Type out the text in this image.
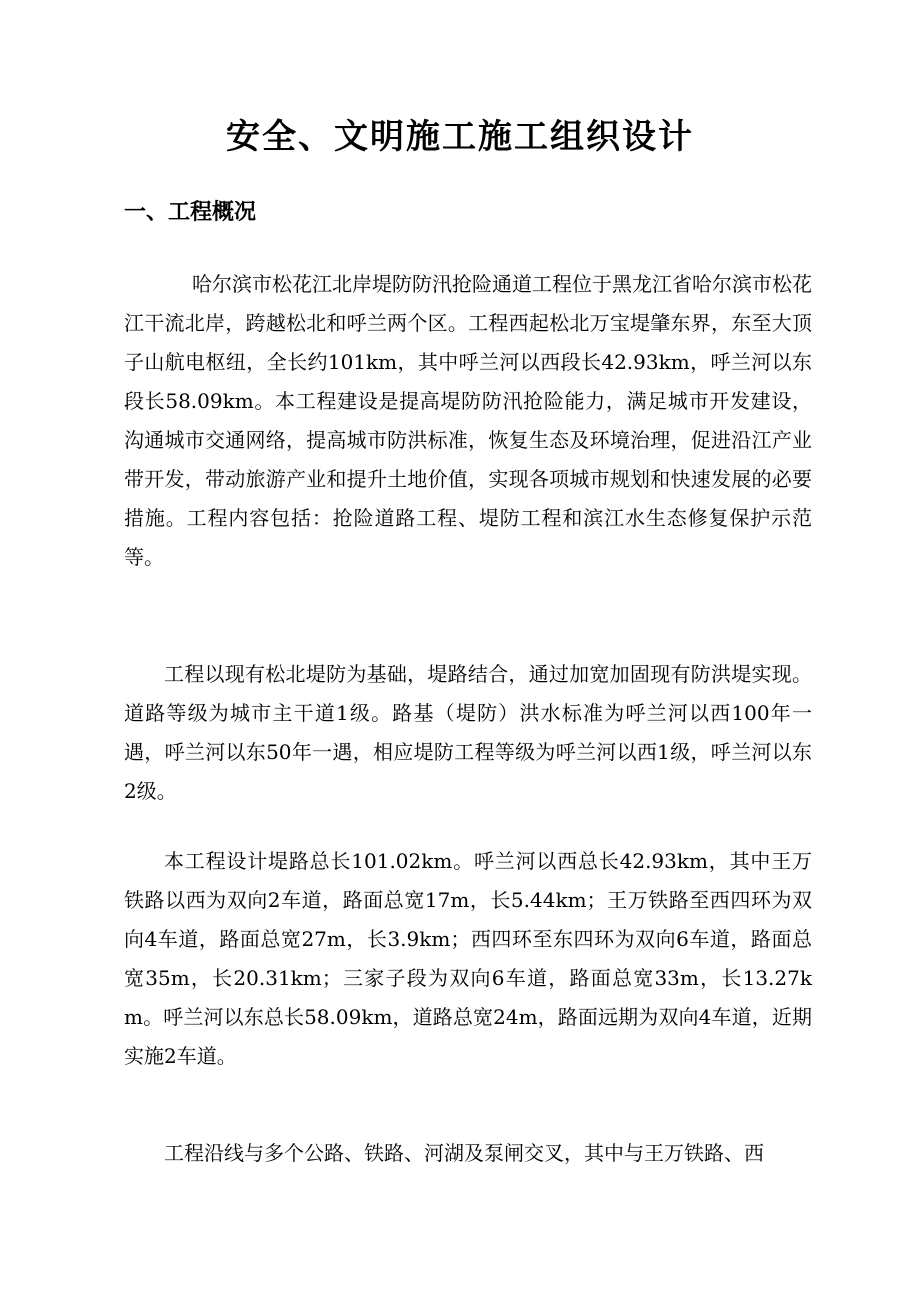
安全、文明施工施工组织设计
一、工程概况

哈尔滨市松花江北岸堤防防汛抢险通道工程位于黑龙江省哈尔滨市松花江干流北岸，跨越松北和呼兰两个区。工程西起松北万宝堤肇东界，东至大顶子山航电枢纽，全长约101km，其中呼兰河以西段长42.93km，呼兰河以东段长58.09km。本工程建设是提高堤防防汛抢险能力，满足城市开发建设，沟通城市交通网络，提高城市防洪标准，恢复生态及环境治理，促进沿江产业带开发，带动旅游产业和提升土地价值，实现各项城市规划和快速发展的必要措施。工程内容包括：抢险道路工程、堤防工程和滨江水生态修复保护示范等。

工程以现有松北堤防为基础，堤路结合，通过加宽加固现有防洪堤实现。道路等级为城市主干道1级。路基（堤防）洪水标准为呼兰河以西100年一遇，呼兰河以东50年一遇，相应堤防工程等级为呼兰河以西1级，呼兰河以东2级。

本工程设计堤路总长101.02km。呼兰河以西总长42.93km，其中王万铁路以西为双向2车道，路面总宽17m，长5.44km；王万铁路至西四环为双向4车道，路面总宽27m，长3.9km；西四环至东四环为双向6车道，路面总宽35m，长20.31km；三家子段为双向6车道，路面总宽33m，长13.27km。呼兰河以东总长58.09km，道路总宽24m，路面远期为双向4车道，近期实施2车道。

工程沿线与多个公路、铁路、河湖及泵闸交叉，其中与王万铁路、西
